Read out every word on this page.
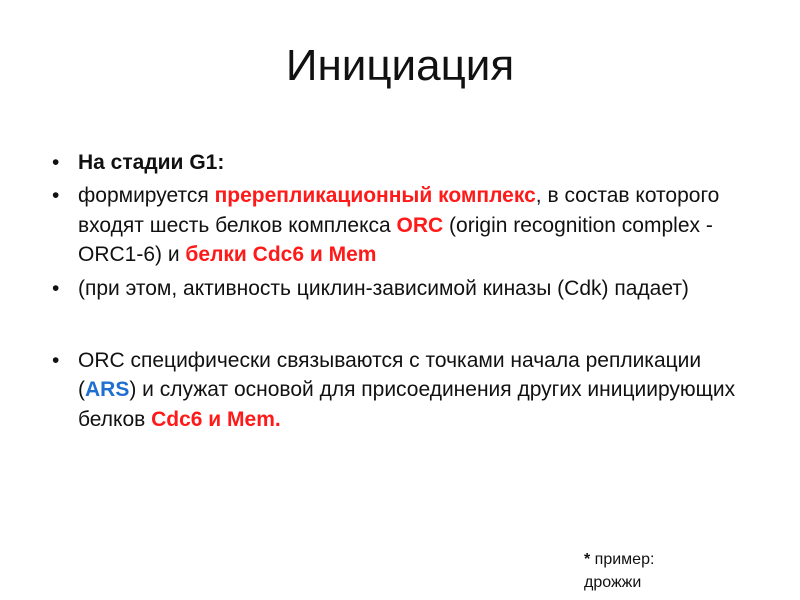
Инициация

• На стадии G1:

• формируется пререпликационный комплекс, в состав которого входят шесть белков комплекса ORC (origin recognition complex - ORC1-6) и белки Cdc6 и Mem

• (при этом, активность циклин-зависимой киназы (Cdk) падает)

• ORC специфически связываются с точками начала репликации (ARS) и служат основой для присоединения других инициирующих белков Cdc6 и Mem.

* пример:
дрожжи
